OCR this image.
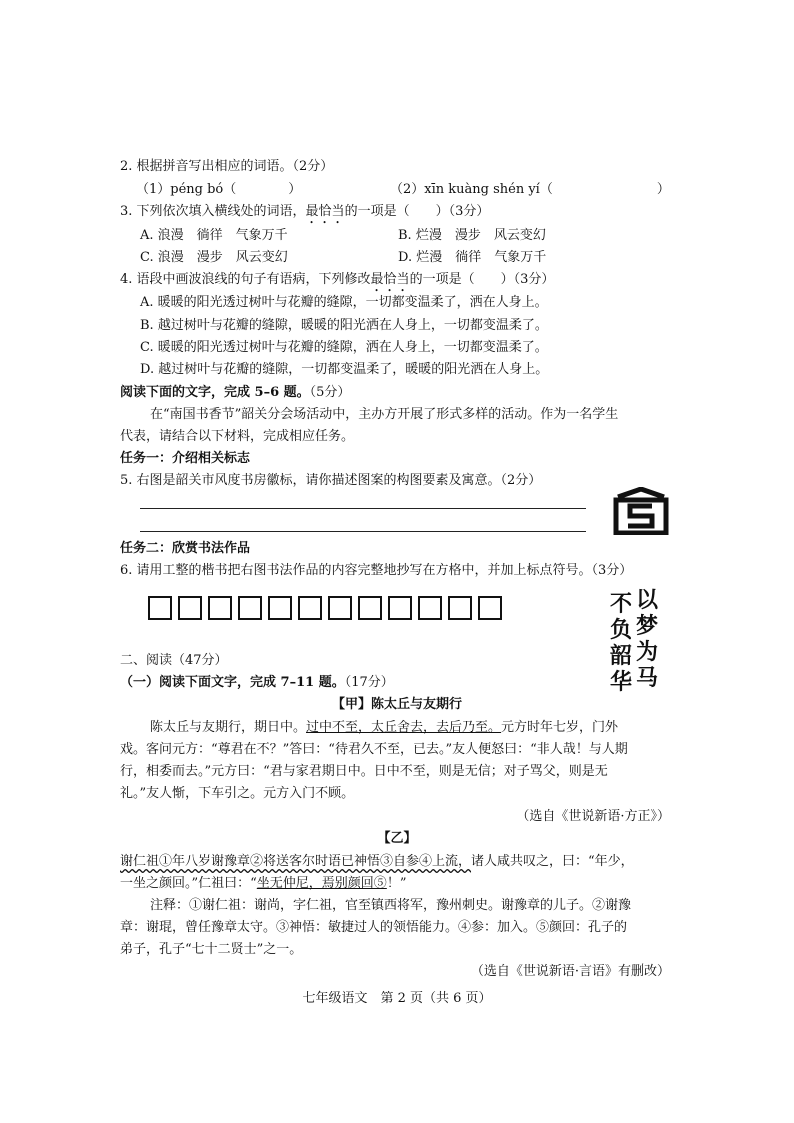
2. 根据拼音写出相应的词语。（2分）
（1）péng bó（　　　　）	（2）xīn kuàng shén yí（　　　　　　　　）
3. 下列依次填入横线处的词语，最恰当的一项是（　　）（3分）
A. 浪漫　徜徉　气象万千	B. 烂漫　漫步　风云变幻
C. 浪漫　漫步　风云变幻	D. 烂漫　徜徉　气象万千
4. 语段中画波浪线的句子有语病，下列修改最恰当的一项是（　　）（3分）
A. 暖暖的阳光透过树叶与花瓣的缝隙，一切都变温柔了，洒在人身上。
B. 越过树叶与花瓣的缝隙，暖暖的阳光洒在人身上，一切都变温柔了。
C. 暖暖的阳光透过树叶与花瓣的缝隙，洒在人身上，一切都变温柔了。
D. 越过树叶与花瓣的缝隙，一切都变温柔了，暖暖的阳光洒在人身上。
阅读下面的文字，完成 5–6 题。（5分）
在“南国书香节”韶关分会场活动中，主办方开展了形式多样的活动。作为一名学生
代表，请结合以下材料，完成相应任务。
任务一：介绍相关标志
5. 右图是韶关市风度书房徽标，请你描述图案的构图要素及寓意。（2分）
任务二：欣赏书法作品
6. 请用工整的楷书把右图书法作品的内容完整地抄写在方格中，并加上标点符号。（3分）
不
负
韶
华
以
梦
为
马
二、阅读（47分）
（一）阅读下面文字，完成 7–11 题。（17分）
【甲】陈太丘与友期行
陈太丘与友期行，期日中。过中不至，太丘舍去，去后乃至。元方时年七岁，门外
戏。客问元方：“尊君在不？”答曰：“待君久不至，已去。”友人便怒曰：“非人哉！与人期
行，相委而去。”元方曰：“君与家君期日中。日中不至，则是无信；对子骂父，则是无
礼。”友人惭，下车引之。元方入门不顾。
（选自《世说新语·方正》）
【乙】
谢仁祖①年八岁谢豫章②将送客尔时语已神悟③自参④上流，诸人咸共叹之，曰：“年少，
一坐之颜回。”仁祖曰：“坐无仲尼，焉别颜回⑤！”
注释：①谢仁祖：谢尚，字仁祖，官至镇西将军，豫州刺史。谢豫章的儿子。②谢豫
章：谢琨，曾任豫章太守。③神悟：敏捷过人的领悟能力。④参：加入。⑤颜回：孔子的
弟子，孔子“七十二贤士”之一。
（选自《世说新语·言语》有删改）
七年级语文　第 2 页（共 6 页）
